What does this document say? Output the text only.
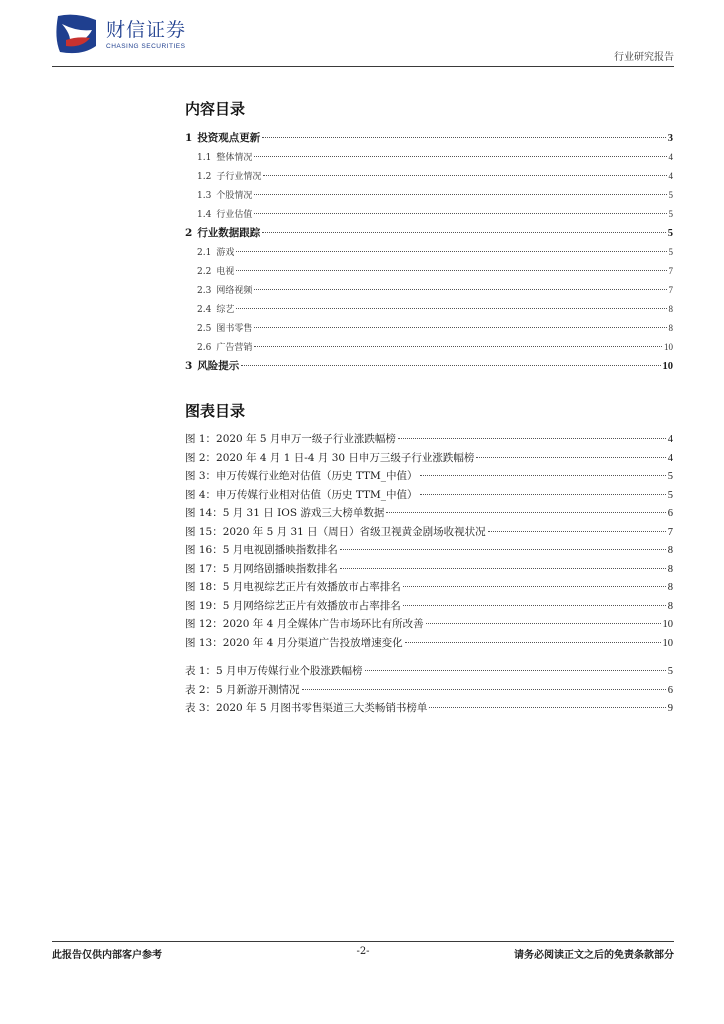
财信证券
CHASING SECURITIES
行业研究报告
内容目录
1 投资观点更新	3
1.1 整体情况	4
1.2 子行业情况	4
1.3 个股情况	5
1.4 行业估值	5
2 行业数据跟踪	5
2.1 游戏	5
2.2 电视	7
2.3 网络视频	7
2.4 综艺	8
2.5 图书零售	8
2.6 广告营销	10
3 风险提示	10
图表目录
图 1：2020 年 5 月申万一级子行业涨跌幅榜	4
图 2：2020 年 4 月 1 日-4 月 30 日申万三级子行业涨跌幅榜	4
图 3：申万传媒行业绝对估值（历史 TTM_中值）	5
图 4：申万传媒行业相对估值（历史 TTM_中值）	5
图 14：5 月 31 日 IOS 游戏三大榜单数据	6
图 15：2020 年 5 月 31 日（周日）省级卫视黄金剧场收视状况	7
图 16：5 月电视剧播映指数排名	8
图 17：5 月网络剧播映指数排名	8
图 18：5 月电视综艺正片有效播放市占率排名	8
图 19：5 月网络综艺正片有效播放市占率排名	8
图 12：2020 年 4 月全媒体广告市场环比有所改善	10
图 13：2020 年 4 月分渠道广告投放增速变化	10
表 1：5 月申万传媒行业个股涨跌幅榜	5
表 2：5 月新游开测情况	6
表 3：2020 年 5 月图书零售渠道三大类畅销书榜单	9
此报告仅供内部客户参考	-2-	请务必阅读正文之后的免责条款部分
